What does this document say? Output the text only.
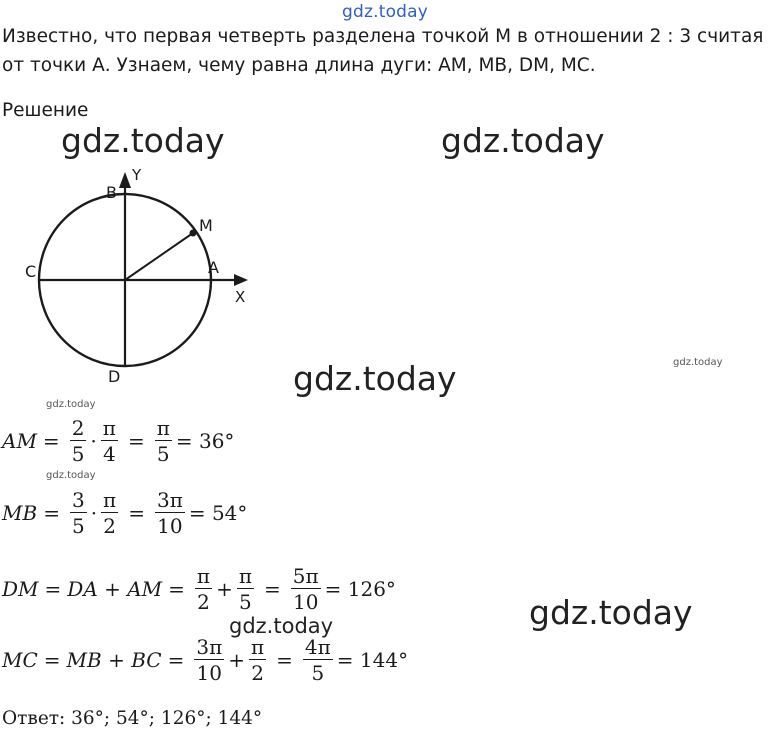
gdz.today
Известно, что первая четверть разделена точкой М в отношении 2 : 3 считая
от точки А. Узнаем, чему равна длина дуги: АМ, МВ, DM, МС.
Решение
gdz.today	gdz.today
gdz.today	gdz.today
gdz.today
gdz.today
gdz.today
gdz.today
B
Y
M
C	A
X
D
AM = $\frac{2}{5} \cdot \frac{\pi}{4} = \frac{\pi}{5} = 36^\circ$
MB = $\frac{3}{5} \cdot \frac{\pi}{2} = \frac{3\pi}{10} = 54^\circ$
DM = DA + AM = $\frac{\pi}{2} + \frac{\pi}{5} = \frac{5\pi}{10} = 126^\circ$
MC = MB + BC = $\frac{3\pi}{10} + \frac{\pi}{2} = \frac{4\pi}{5} = 144^\circ$
Ответ: 36°; 54°; 126°; 144°
